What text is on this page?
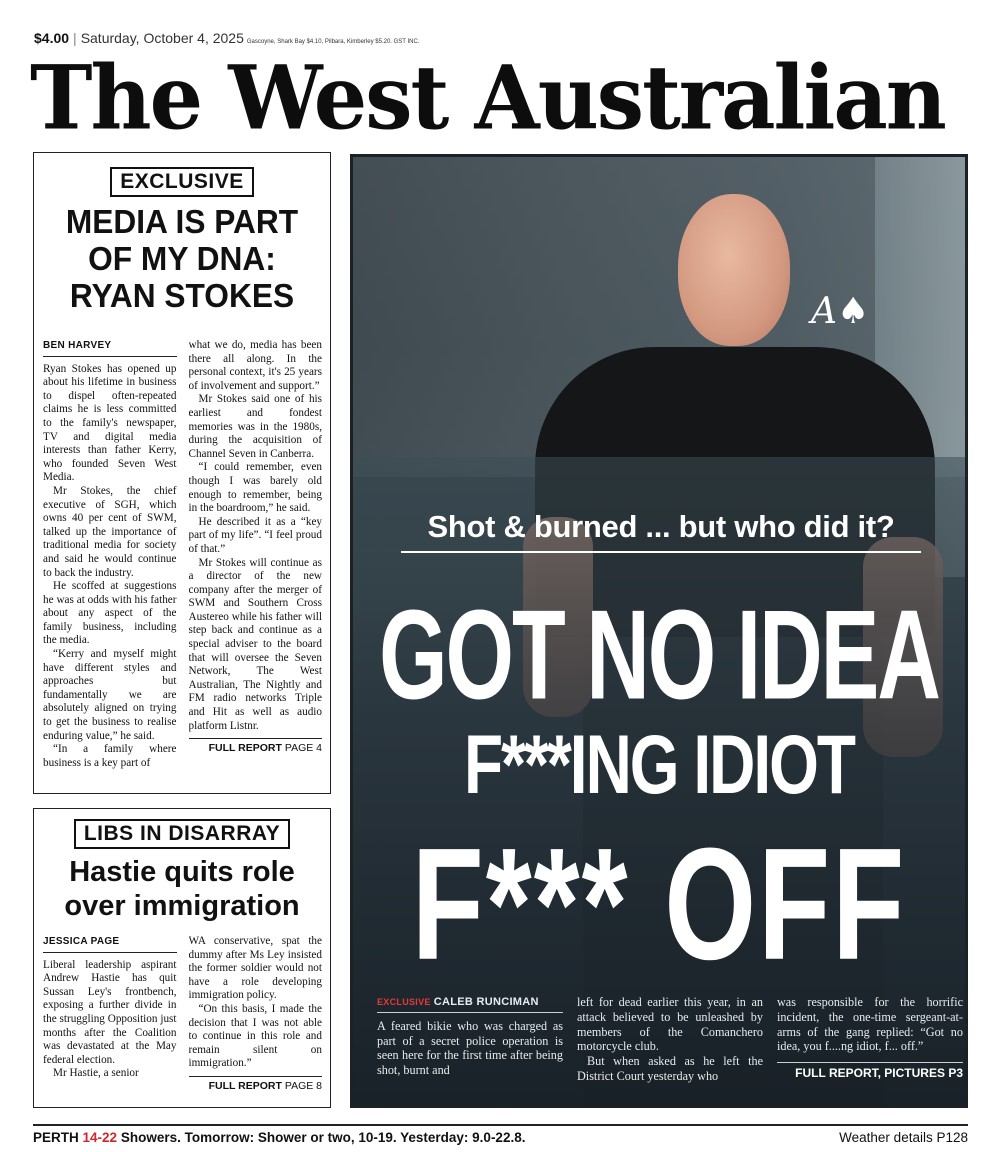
$4.00 | Saturday, October 4, 2025 Gascoyne, Shark Bay $4.10, Pilbara, Kimberley $5.20. GST INC.
The West Australian
EXCLUSIVE
MEDIA IS PART OF MY DNA: RYAN STOKES
BEN HARVEY

Ryan Stokes has opened up about his lifetime in business to dispel often-repeated claims he is less committed to the family's newspaper, TV and digital media interests than father Kerry, who founded Seven West Media.

Mr Stokes, the chief executive of SGH, which owns 40 per cent of SWM, talked up the importance of traditional media for society and said he would continue to back the industry.

He scoffed at suggestions he was at odds with his father about any aspect of the family business, including the media.

“Kerry and myself might have different styles and approaches but fundamentally we are absolutely aligned on trying to get the business to realise enduring value,” he said.

“In a family where business is a key part of

what we do, media has been there all along. In the personal context, it's 25 years of involvement and support.”

Mr Stokes said one of his earliest and fondest memories was in the 1980s, during the acquisition of Channel Seven in Canberra.

“I could remember, even though I was barely old enough to remember, being in the boardroom,” he said.

He described it as a “key part of my life”. “I feel proud of that.”

Mr Stokes will continue as a director of the new company after the merger of SWM and Southern Cross Austereo while his father will step back and continue as a special adviser to the board that will oversee the Seven Network, The West Australian, The Nightly and FM radio networks Triple and Hit as well as audio platform Listnr.

FULL REPORT PAGE 4
LIBS IN DISARRAY
Hastie quits role over immigration
JESSICA PAGE

Liberal leadership aspirant Andrew Hastie has quit Sussan Ley's frontbench, exposing a further divide in the struggling Opposition just months after the Coalition was devastated at the May federal election.

Mr Hastie, a senior

WA conservative, spat the dummy after Ms Ley insisted the former soldier would not have a role developing immigration policy.

“On this basis, I made the decision that I was not able to continue in this role and remain silent on immigration.”

FULL REPORT PAGE 8
A♠
Shot & burned ... but who did it?
GOT NO IDEA
F***ING IDIOT
F*** OFF
EXCLUSIVE CALEB RUNCIMAN

A feared bikie who was charged as part of a secret police operation is seen here for the first time after being shot, burnt and

left for dead earlier this year, in an attack believed to be unleashed by members of the Comanchero motorcycle club.

But when asked as he left the District Court yesterday who

was responsible for the horrific incident, the one-time sergeant-at-arms of the gang replied: “Got no idea, you f....ng idiot, f... off.”

FULL REPORT, PICTURES P3
PERTH 14-22 Showers. Tomorrow: Shower or two, 10-19. Yesterday: 9.0-22.8.	Weather details P128
